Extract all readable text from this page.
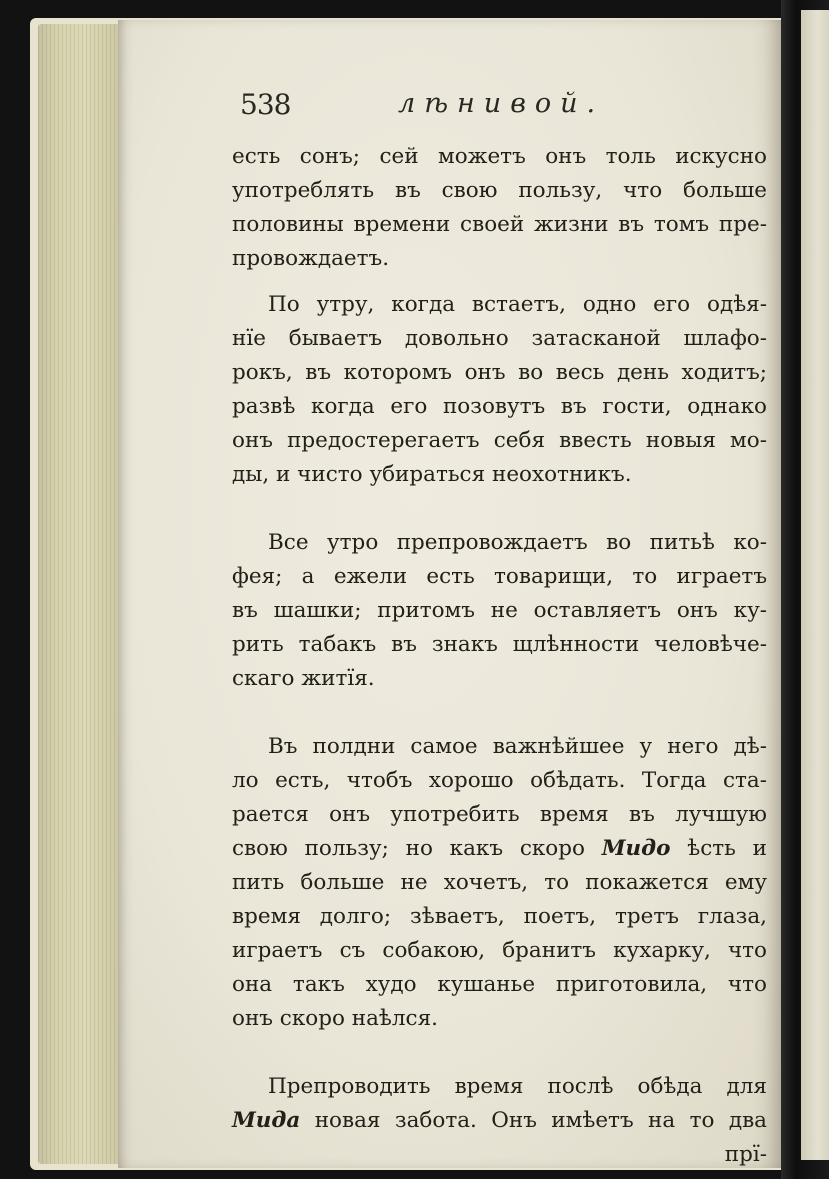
538	лѣнивой.
есть сонъ; сей можетъ онъ толь искусно
употреблять въ свою пользу, что больше
половины времени своей жизни въ томъ пре-
провождаетъ.
По утру, когда встаетъ, одно его одѣя-
нїе бываетъ довольно затасканой шлафо-
рокъ, въ которомъ онъ во весь день ходитъ;
развѣ когда его позовутъ въ гости, однако
онъ предостерегаетъ себя ввесть новыя мо-
ды, и чисто убираться неохотникъ.
Все утро препровождаетъ во питьѣ ко-
фея; а ежели есть товарищи, то играетъ
въ шашки; притомъ не оставляетъ онъ ку-
рить табакъ въ знакъ щлѣнности человѣче-
скаго житїя.
Въ полдни самое важнѣйшее у него дѣ-
ло есть, чтобъ хорошо обѣдать. Тогда ста-
рается онъ употребить время въ лучшую
свою пользу; но какъ скоро Мидо ѣсть и
пить больше не хочетъ, то покажется ему
время долго; зѣваетъ, поетъ, третъ глаза,
играетъ съ собакою, бранитъ кухарку, что
она такъ худо кушанье приготовила, что
онъ скоро наѣлся.
Препроводить время послѣ обѣда для
Мида новая забота. Онъ имѣетъ на то два
прї-
